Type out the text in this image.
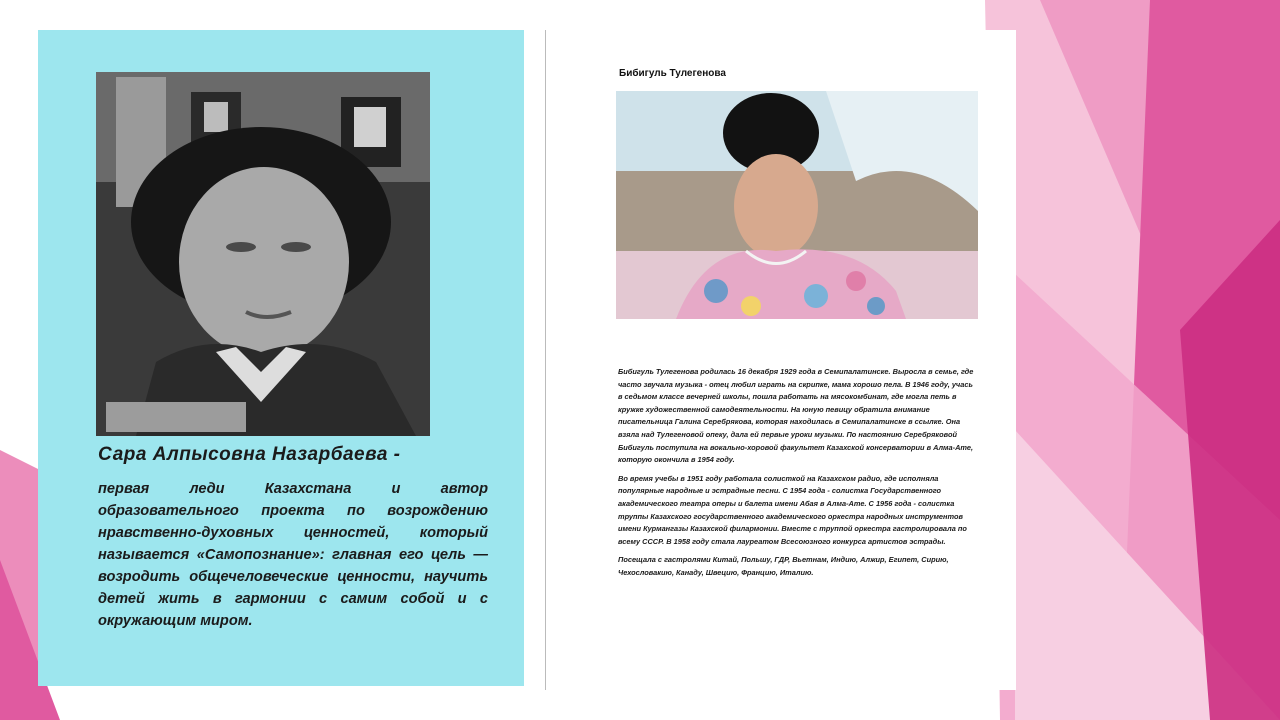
Сара Алпысовна Назарбаева -
первая леди Казахстана и автор образовательного проекта по возрождению нравственно-духовных ценностей, который называется «Самопознание»: главная его цель — возродить общечеловеческие ценности, научить детей жить в гармонии с самим собой и с окружающим миром.
Бибигуль Тулегенова

Бибигуль Тулегенова родилась 16 декабря 1929 года в Семипалатинске. Выросла в семье, где часто звучала музыка - отец любил играть на скрипке, мама хорошо пела. В 1946 году, учась в седьмом классе вечерней школы, пошла работать на мясокомбинат, где могла петь в кружке художественной самодеятельности. На юную певицу обратила внимание писательница Галина Серебрякова, которая находилась в Семипалатинске в ссылке. Она взяла над Тулегеновой опеку, дала ей первые уроки музыки. По настоянию Серебряковой Бибигуль поступила на вокально-хоровой факультет Казахской консерватории в Алма-Ате, которую окончила в 1954 году.

Во время учебы в 1951 году работала солисткой на Казахском радио, где исполняла популярные народные и эстрадные песни. С 1954 года - солистка Государственного академического театра оперы и балета имени Абая в Алма-Ате. С 1956 года - солистка труппы Казахского государственного академического оркестра народных инструментов имени Курмангазы Казахской филармонии. Вместе с труппой оркестра гастролировала по всему СССР. В 1958 году стала лауреатом Всесоюзного конкурса артистов эстрады.

Посещала с гастролями Китай, Польшу, ГДР, Вьетнам, Индию, Алжир, Египет, Сирию, Чехословакию, Канаду, Швецию, Францию, Италию.
